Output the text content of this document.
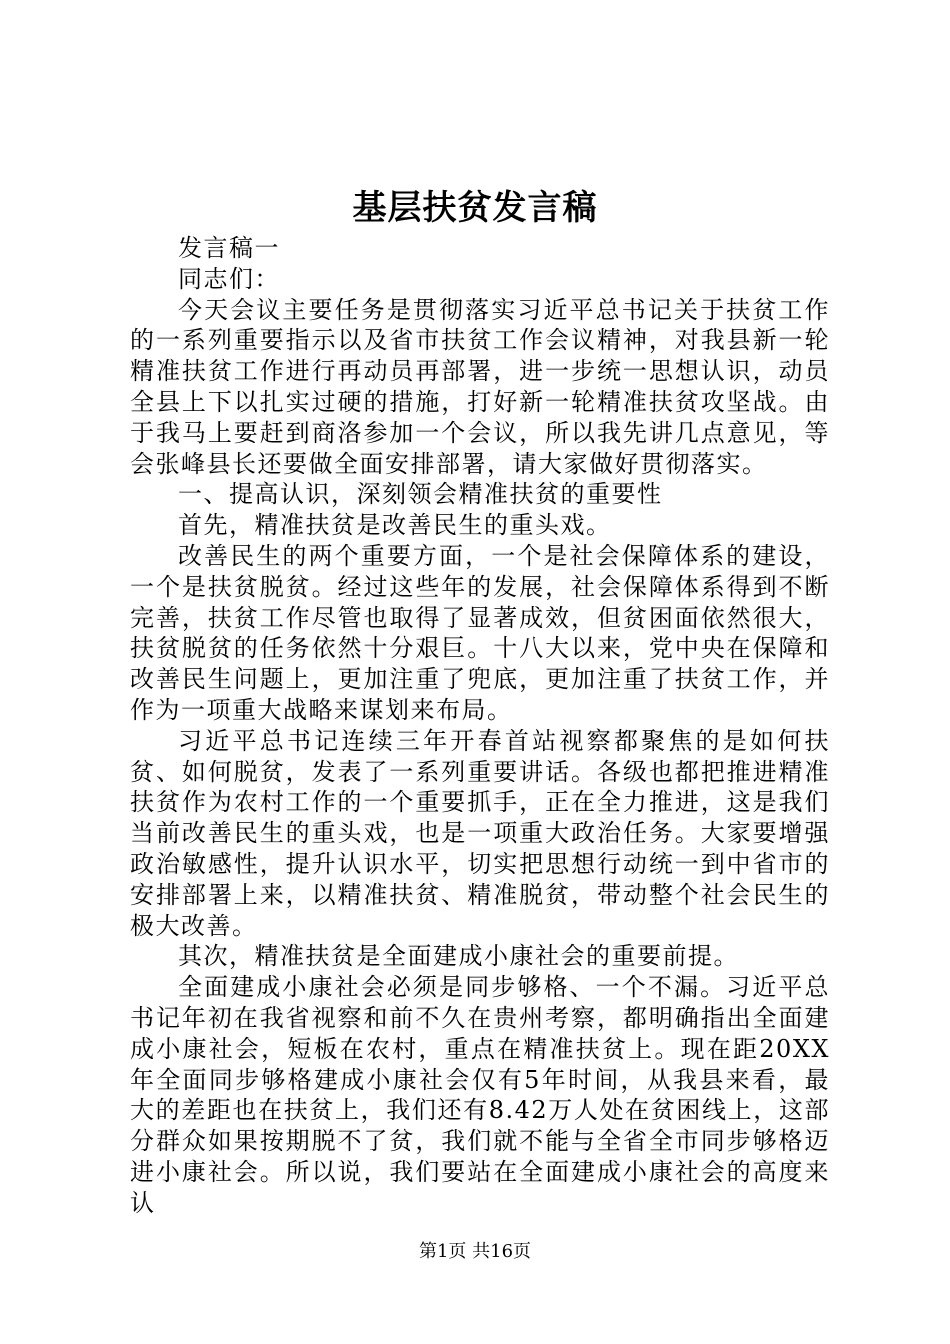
基层扶贫发言稿

发言稿一

同志们：

今天会议主要任务是贯彻落实习近平总书记关于扶贫工作的一系列重要指示以及省市扶贫工作会议精神，对我县新一轮精准扶贫工作进行再动员再部署，进一步统一思想认识，动员全县上下以扎实过硬的措施，打好新一轮精准扶贫攻坚战。由于我马上要赶到商洛参加一个会议，所以我先讲几点意见，等会张峰县长还要做全面安排部署，请大家做好贯彻落实。

一、提高认识，深刻领会精准扶贫的重要性

首先，精准扶贫是改善民生的重头戏。

改善民生的两个重要方面，一个是社会保障体系的建设，一个是扶贫脱贫。经过这些年的发展，社会保障体系得到不断完善，扶贫工作尽管也取得了显著成效，但贫困面依然很大，扶贫脱贫的任务依然十分艰巨。十八大以来，党中央在保障和改善民生问题上，更加注重了兜底，更加注重了扶贫工作，并作为一项重大战略来谋划来布局。

习近平总书记连续三年开春首站视察都聚焦的是如何扶贫、如何脱贫，发表了一系列重要讲话。各级也都把推进精准扶贫作为农村工作的一个重要抓手，正在全力推进，这是我们当前改善民生的重头戏，也是一项重大政治任务。大家要增强政治敏感性，提升认识水平，切实把思想行动统一到中省市的安排部署上来，以精准扶贫、精准脱贫，带动整个社会民生的极大改善。

其次，精准扶贫是全面建成小康社会的重要前提。

全面建成小康社会必须是同步够格、一个不漏。习近平总书记年初在我省视察和前不久在贵州考察，都明确指出全面建成小康社会，短板在农村，重点在精准扶贫上。现在距20XX年全面同步够格建成小康社会仅有5年时间，从我县来看，最大的差距也在扶贫上，我们还有8.42万人处在贫困线上，这部分群众如果按期脱不了贫，我们就不能与全省全市同步够格迈进小康社会。所以说，我们要站在全面建成小康社会的高度来认

第1页 共16页
